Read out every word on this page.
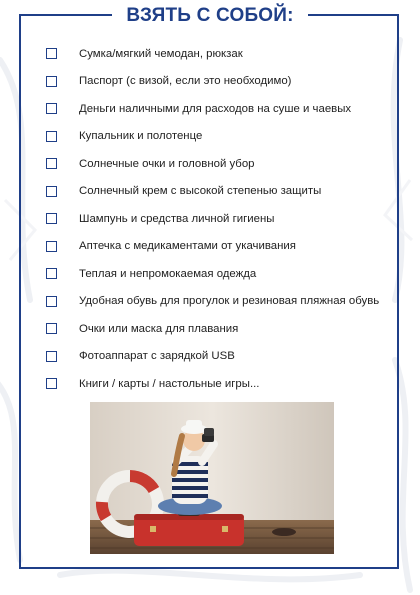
ВЗЯТЬ С СОБОЙ:
Сумка/мягкий чемодан, рюкзак
Паспорт (с визой, если это необходимо)
Деньги наличными для расходов на суше и чаевых
Купальник и полотенце
Солнечные очки и головной убор
Солнечный крем с высокой степенью защиты
Шампунь и средства личной гигиены
Аптечка с медикаментами от укачивания
Теплая и непромокаемая одежда
Удобная обувь для прогулок и резиновая пляжная обувь
Очки или маска для плавания
Фотоаппарат с зарядкой USB
Книги / карты / настольные игры...
